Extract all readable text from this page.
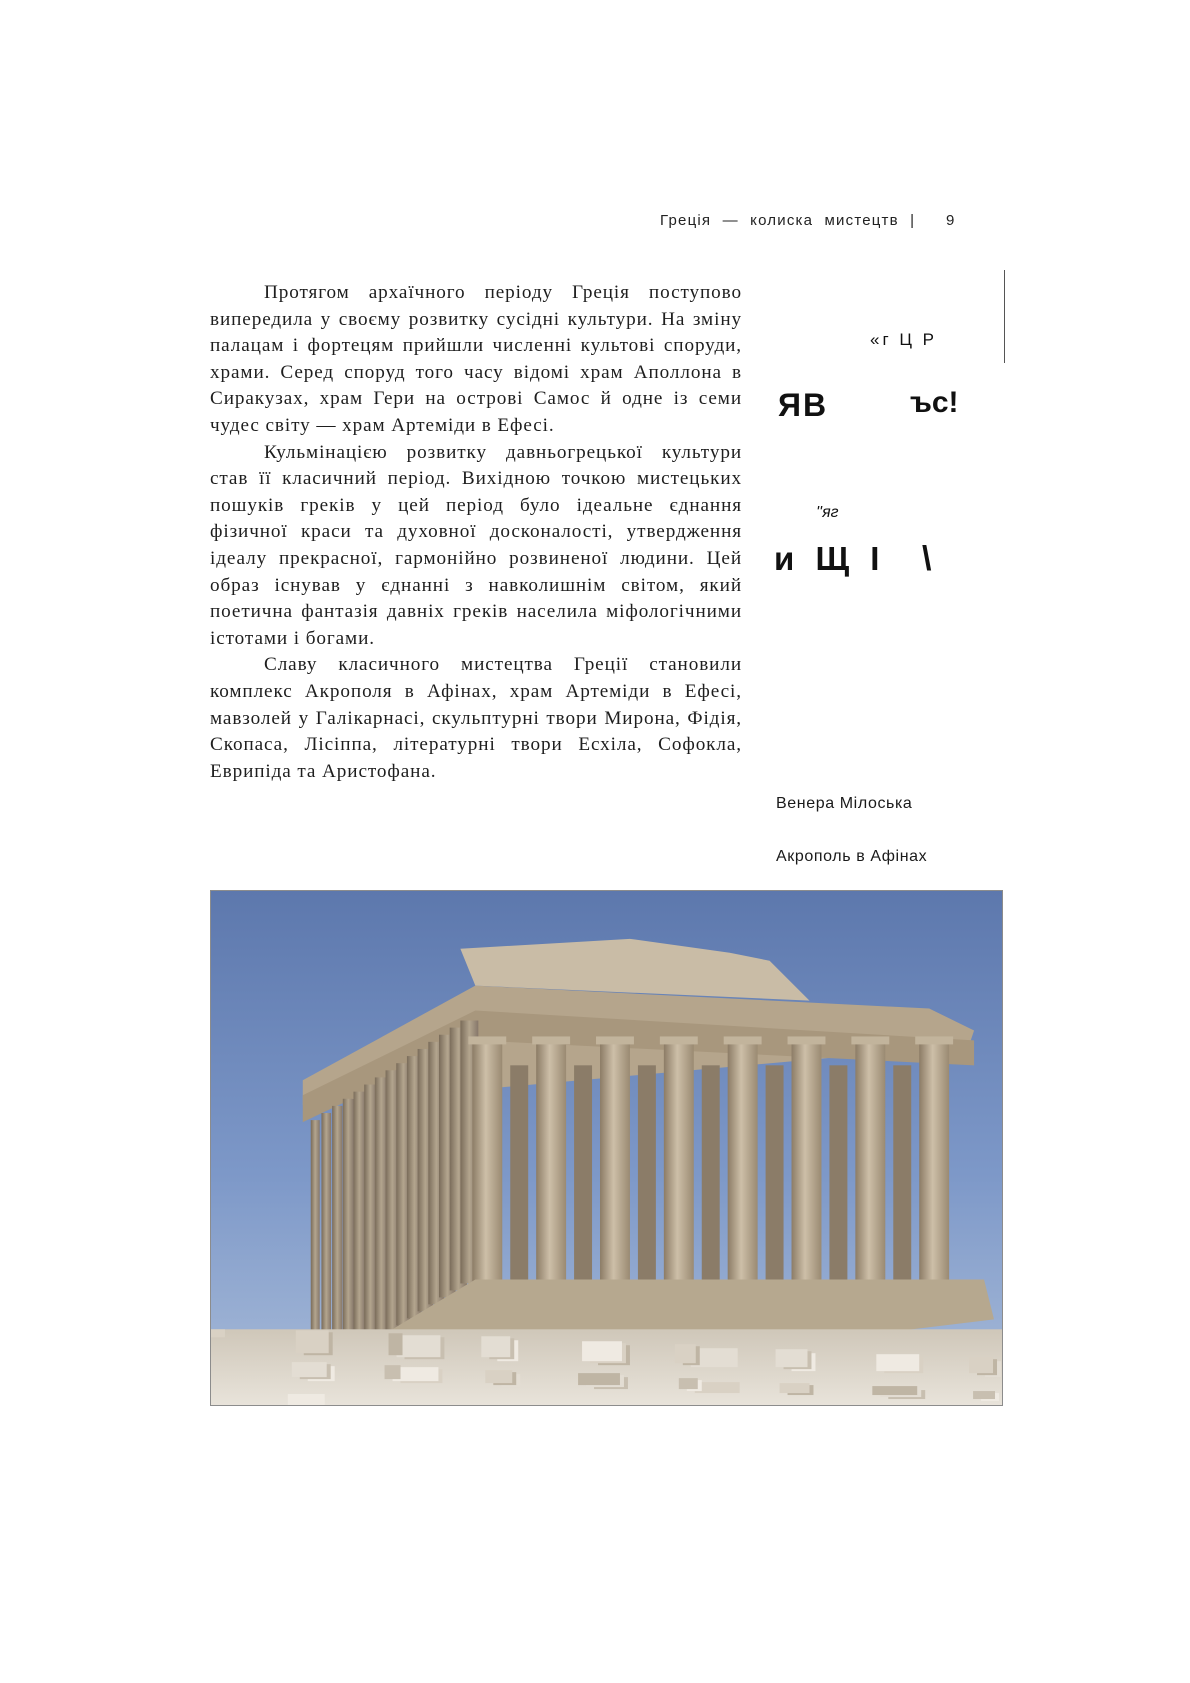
Греція — колиска мистецтв | 9

Протягом архаїчного періоду Греція поступово випередила у своєму розвитку сусідні культури. На зміну палацам і фортецям прийшли численні культові споруди, храми. Серед споруд того часу відомі храм Аполлона в Сиракузах, храм Гери на острові Самос й одне із семи чудес світу — храм Артеміди в Ефесі.

Кульмінацією розвитку давньогрецької культури став її класичний період. Вихідною точкою мистецьких пошуків греків у цей період було ідеальне єднання фізичної краси та духовної досконалості, утвердження ідеалу прекрасної, гармонійно розвиненої людини. Цей образ існував у єднанні з навколишнім світом, який поетична фантазія давніх греків населила міфологічними істотами і богами.

Славу класичного мистецтва Греції становили комплекс Акрополя в Афінах, храм Артеміди в Ефесі, мавзолей у Галікарнасі, скульптурні твори Мирона, Фідія, Скопаса, Лісіппа, літературні твори Есхіла, Софокла, Еврипіда та Аристофана.

«г Ц Р
ЯВ	ъс!
''яг
и Щ І \
Венера Мілоська
Акрополь в Афінах
